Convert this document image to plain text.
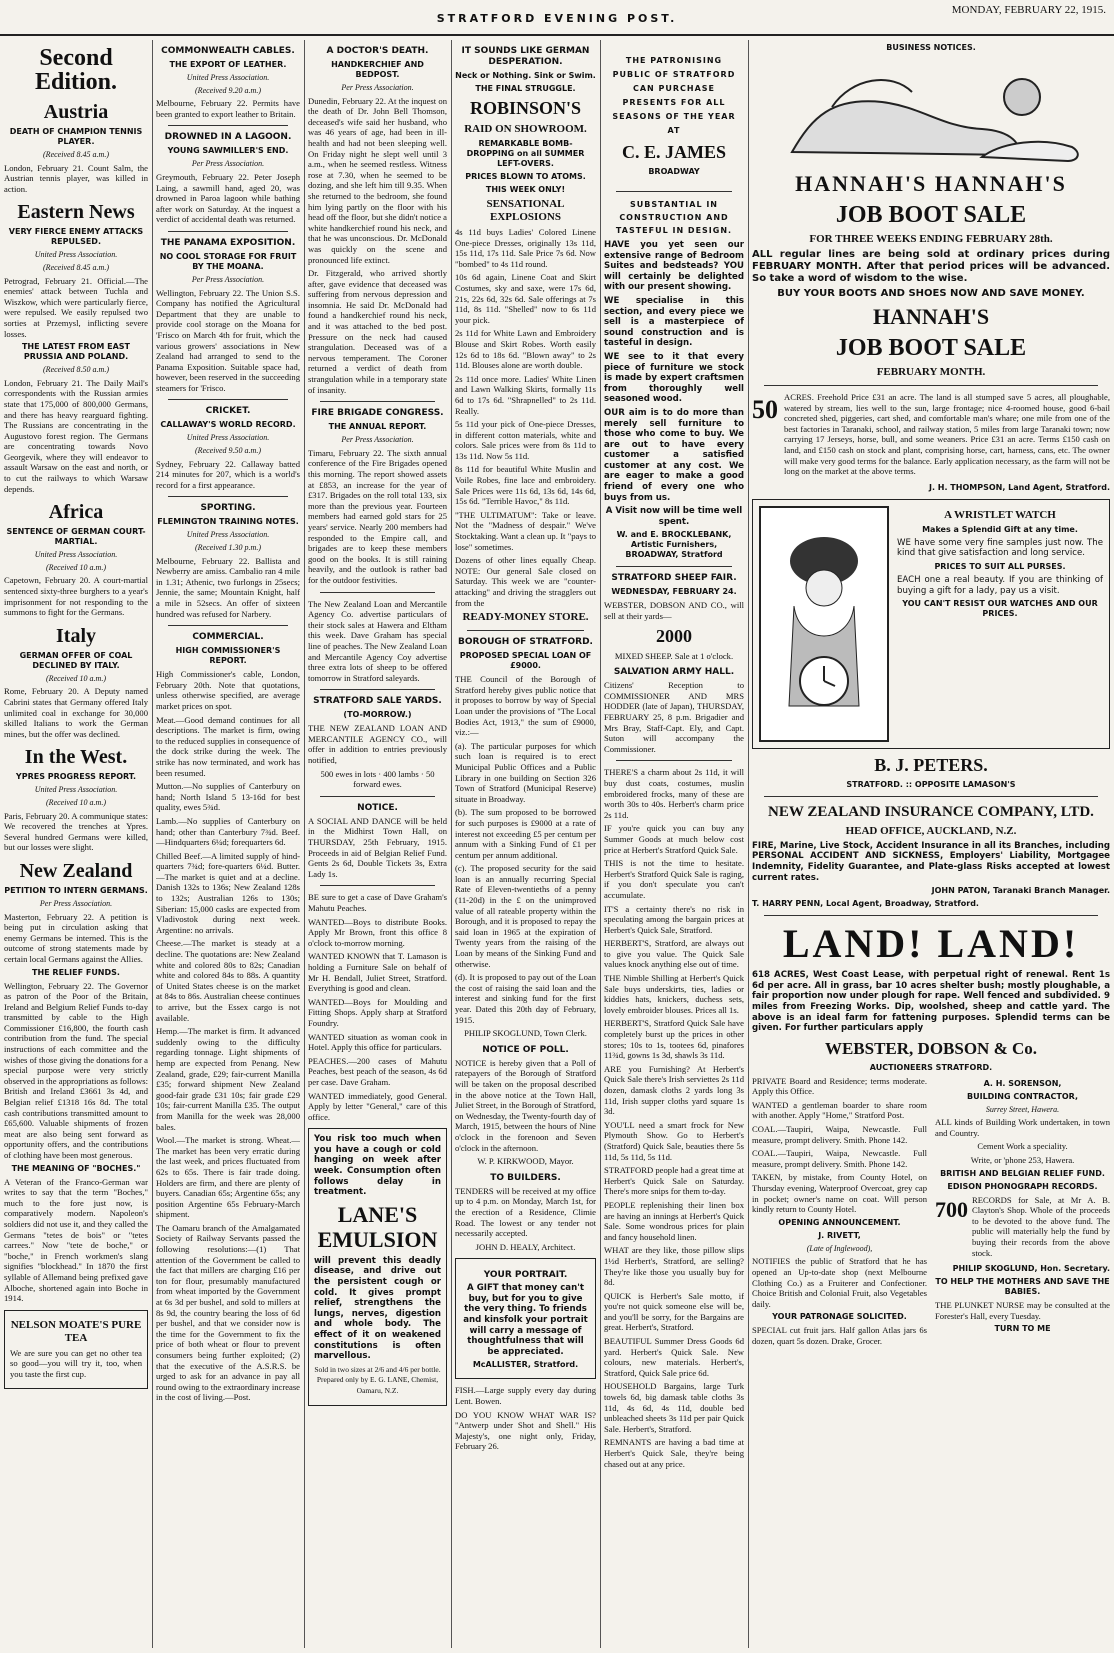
STRATFORD EVENING POST.
MONDAY, FEBRUARY 22, 1915.
Second Edition.
Austria
DEATH OF CHAMPION TENNIS PLAYER.
(Received 8.45 a.m.)

London, February 21. Count Salm, the Austrian tennis player, was killed in action.

Eastern News
VERY FIERCE ENEMY ATTACKS REPULSED.
United Press Association.
(Received 8.45 a.m.)

Petrograd, February 21. Official.—The enemies' attack between Tuchla and Wiszkow, which were particularly fierce, were repulsed. We easily repulsed two sorties at Przemysl, inflicting severe losses.

THE LATEST FROM EAST PRUSSIA AND POLAND.
(Received 8.50 a.m.)

London, February 21. The Daily Mail's correspondents with the Russian armies state that 175,000 of 800,000 Germans, and there has heavy rearguard fighting. The Russians are concentrating in the Augustovo forest region. The Germans are concentrating towards Novo Georgevik, where they will endeavor to assault Warsaw on the east and north, or to cut the railways to which Warsaw depends.

Africa
SENTENCE OF GERMAN COURT-MARTIAL.
United Press Association.
(Received 10 a.m.)

Capetown, February 20. A court-martial sentenced sixty-three burghers to a year's imprisonment for not responding to the summons to fight for the Germans.

Italy
GERMAN OFFER OF COAL DECLINED BY ITALY.
(Received 10 a.m.)

Rome, February 20. A Deputy named Cabrini states that Germany offered Italy unlimited coal in exchange for 30,000 skilled Italians to work the German mines, but the offer was declined.

In the West.
YPRES PROGRESS REPORT.
United Press Association.
(Received 10 a.m.)

Paris, February 20. A communique states: We recovered the trenches at Ypres. Several hundred Germans were killed, but our losses were slight.

New Zealand
PETITION TO INTERN GERMANS.
Per Press Association.

Masterton, February 22. A petition is being put in circulation asking that enemy Germans be interned. This is the outcome of strong statements made by certain local Germans against the Allies.

THE RELIEF FUNDS.

Wellington, February 22. The Governor as patron of the Poor of the Britain, Ireland and Belgium Relief Funds to-day transmitted by cable to the High Commissioner £16,800, the fourth cash contribution from the fund. The special instructions of each committee and the wishes of those giving the donations for a special purpose were very strictly observed in the appropriations as follows: British and Ireland £3661 3s 4d, and Belgian relief £1318 16s 8d. The total cash contributions transmitted amount to £65,600. Valuable shipments of frozen meat are also being sent forward as opportunity offers, and the contributions of clothing have been most generous.

THE MEANING OF "BOCHES."

A Veteran of the Franco-German war writes to say that the term "Boches," much to the fore just now, is comparatively modern. Napoleon's soldiers did not use it, and they called the Germans "tetes de bois" or "tetes carrees." Now "tete de boche," or "boche," in French workmen's slang signifies "blockhead." In 1870 the first syllable of Allemand being prefixed gave Alboche, shortened again into Boche in 1914.

NELSON MOATE'S PURE TEA

We are sure you can get no other tea so good—you will try it, too, when you taste the first cup.

COMMONWEALTH CABLES.
THE EXPORT OF LEATHER.
United Press Association.
(Received 9.20 a.m.)

Melbourne, February 22. Permits have been granted to export leather to Britain.

DROWNED IN A LAGOON.
YOUNG SAWMILLER'S END.
Per Press Association.

Greymouth, February 22. Peter Joseph Laing, a sawmill hand, aged 20, was drowned in Paroa lagoon while bathing after work on Saturday. At the inquest a verdict of accidental death was returned.

THE PANAMA EXPOSITION.
NO COOL STORAGE FOR FRUIT BY THE MOANA.
Per Press Association.

Wellington, February 22. The Union S.S. Company has notified the Agricultural Department that they are unable to provide cool storage on the Moana for 'Frisco on March 4th for fruit, which the various growers' associations in New Zealand had arranged to send to the Panama Exposition. Suitable space had, however, been reserved in the succeeding steamers for 'Frisco.

CRICKET.
CALLAWAY'S WORLD RECORD.
United Press Association.
(Received 9.50 a.m.)

Sydney, February 22. Callaway batted 214 minutes for 207, which is a world's record for a first appearance.

SPORTING.
FLEMINGTON TRAINING NOTES.
United Press Association.
(Received 1.30 p.m.)

Melbourne, February 22. Ballista and Newberry are amiss. Cambalio ran 4 mile in 1.31; Athenic, two furlongs in 25secs; Jennie, the same; Mountain Knight, half a mile in 52secs. An offer of sixteen hundred was refused for Narbery.

COMMERCIAL.
HIGH COMMISSIONER'S REPORT.

High Commissioner's cable, London, February 20th. Note that quotations, unless otherwise specified, are average market prices on spot.

Meat.—Good demand continues for all descriptions. The market is firm, owing to the reduced supplies in consequence of the dock strike during the week. The strike has now terminated, and work has been resumed.

Mutton.—No supplies of Canterbury on hand; North Island 5 13-16d for best quality, ewes 5¾d.

Lamb.—No supplies of Canterbury on hand; other than Canterbury 7¾d. Beef.—Hindquarters 6¼d; forequarters 6d.

Chilled Beef.—A limited supply of hind-quarters 7¾d; fore-quarters 6¼d. Butter.—The market is quiet and at a decline. Danish 132s to 136s; New Zealand 128s to 132s; Australian 126s to 130s; Siberian: 15,000 casks are expected from Vladivostok during next week. Argentine: no arrivals.

Cheese.—The market is steady at a decline. The quotations are: New Zealand white and colored 80s to 82s; Canadian white and colored 84s to 88s. A quantity of United States cheese is on the market at 84s to 86s. Australian cheese continues to arrive, but the Essex cargo is not available.

Hemp.—The market is firm. It advanced suddenly owing to the difficulty regarding tonnage. Light shipments of hemp are expected from Penang. New Zealand, grade, £29; fair-current Manilla £35; forward shipment New Zealand good-fair grade £31 10s; fair grade £29 10s; fair-current Manilla £35. The output from Manilla for the week was 28,000 bales.

Wool.—The market is strong. Wheat.—The market has been very erratic during the last week, and prices fluctuated from 62s to 65s. There is fair trade doing. Holders are firm, and there are plenty of buyers. Canadian 65s; Argentine 65s; any position Argentine 65s February-March shipment.

The Oamaru branch of the Amalgamated Society of Railway Servants passed the following resolutions:—(1) That attention of the Government be called to the fact that millers are charging £16 per ton for flour, presumably manufactured from wheat imported by the Government at 6s 3d per bushel, and sold to millers at 8s 9d, the country bearing the loss of 6d per bushel, and that we consider now is the time for the Government to fix the price of both wheat or flour to prevent consumers being further exploited; (2) that the executive of the A.S.R.S. be urged to ask for an advance in pay all round owing to the extraordinary increase in the cost of living.—Post.

A DOCTOR'S DEATH.
HANDKERCHIEF AND BEDPOST.
Per Press Association.

Dunedin, February 22. At the inquest on the death of Dr. John Bell Thomson, deceased's wife said her husband, who was 46 years of age, had been in ill-health and had not been sleeping well. On Friday night he slept well until 3 a.m., when he seemed restless. Witness rose at 7.30, when he seemed to be dozing, and she left him till 9.35. When she returned to the bedroom, she found him lying partly on the floor with his head off the floor, but she didn't notice a white handkerchief round his neck, and that he was unconscious. Dr. McDonald was quickly on the scene and pronounced life extinct.

Dr. Fitzgerald, who arrived shortly after, gave evidence that deceased was suffering from nervous depression and insomnia. He said Dr. McDonald had found a handkerchief round his neck, and it was attached to the bed post. Pressure on the neck had caused strangulation. Deceased was of a nervous temperament. The Coroner returned a verdict of death from strangulation while in a temporary state of insanity.

FIRE BRIGADE CONGRESS.
THE ANNUAL REPORT.
Per Press Association.

Timaru, February 22. The sixth annual conference of the Fire Brigades opened this morning. The report showed assets at £853, an increase for the year of £317. Brigades on the roll total 133, six more than the previous year. Fourteen members had earned gold stars for 25 years' service. Nearly 200 members had responded to the Empire call, and brigades are to keep these members good on the books. It is still raining heavily, and the outlook is rather bad for the outdoor festivities.

The New Zealand Loan and Mercantile Agency Co. advertise particulars of their stock sales at Hawera and Eltham this week. Dave Graham has special line of peaches. The New Zealand Loan and Mercantile Agency Coy advertise three extra lots of sheep to be offered tomorrow in Stratford saleyards.

STRATFORD SALE YARDS.
(TO-MORROW.)

THE NEW ZEALAND LOAN AND MERCANTILE AGENCY CO., will offer in addition to entries previously notified,

500 ewes in lots · 400 lambs · 50 forward ewes.

NOTICE.

A SOCIAL AND DANCE will be held in the Midhirst Town Hall, on THURSDAY, 25th February, 1915. Proceeds in aid of Belgian Relief Fund. Gents 2s 6d, Double Tickets 3s, Extra Lady 1s.

BE sure to get a case of Dave Graham's Mahutu Peaches.

WANTED—Boys to distribute Books. Apply Mr Brown, front this office 8 o'clock to-morrow morning.

WANTED KNOWN that T. Lamason is holding a Furniture Sale on behalf of Mr H. Bendall, Juliet Street, Stratford. Everything is good and clean.

WANTED—Boys for Moulding and Fitting Shops. Apply sharp at Stratford Foundry.

WANTED situation as woman cook in Hotel. Apply this office for particulars.

PEACHES.—200 cases of Mahutu Peaches, best peach of the season, 4s 6d per case. Dave Graham.

WANTED immediately, good General. Apply by letter "General," care of this office.

You risk too much when you have a cough or cold hanging on week after week. Consumption often follows delay in treatment.

LANE'S EMULSION

will prevent this deadly disease, and drive out the persistent cough or cold. It gives prompt relief, strengthens the lungs, nerves, digestion and whole body. The effect of it on weakened constitutions is often marvellous.

Sold in two sizes at 2/6 and 4/6 per bottle. Prepared only by E. G. LANE, Chemist, Oamaru, N.Z.

IT SOUNDS LIKE GERMAN DESPERATION.
Neck or Nothing. Sink or Swim.
THE FINAL STRUGGLE.
ROBINSON'S
RAID ON SHOWROOM.
REMARKABLE BOMB-DROPPING on all SUMMER LEFT-OVERS.
PRICES BLOWN TO ATOMS.
THIS WEEK ONLY!
SENSATIONAL EXPLOSIONS

4s 11d buys Ladies' Colored Linene One-piece Dresses, originally 13s 11d, 15s 11d, 17s 11d. Sale Price 7s 6d. Now "bombed" to 4s 11d round.

10s 6d again, Linene Coat and Skirt Costumes, sky and saxe, were 17s 6d, 21s, 22s 6d, 32s 6d. Sale offerings at 7s 11d, 8s 11d. "Shelled" now to 6s 11d your pick.

2s 11d for White Lawn and Embroidery Blouse and Skirt Robes. Worth easily 12s 6d to 18s 6d. "Blown away" to 2s 11d. Blouses alone are worth double.

2s 11d once more. Ladies' White Linen and Lawn Walking Skirts, formally 11s 6d to 17s 6d. "Shrapnelled" to 2s 11d. Really.

5s 11d your pick of One-piece Dresses, in different cotton materials, white and colors. Sale prices were from 8s 11d to 13s 11d. Now 5s 11d.

8s 11d for beautiful White Muslin and Voile Robes, fine lace and embroidery. Sale Prices were 11s 6d, 13s 6d, 14s 6d, 15s 6d. "Terrible Havoc," 8s 11d.

"THE ULTIMATUM": Take or leave. Not the "Madness of despair." We've Stocktaking. Want a clean up. It "pays to lose" sometimes.

Dozens of other lines equally Cheap. NOTE: Our general Sale closed on Saturday. This week we are "counter-attacking" and driving the stragglers out from the

READY-MONEY STORE.
BOROUGH OF STRATFORD.
PROPOSED SPECIAL LOAN OF £9000.

THE Council of the Borough of Stratford hereby gives public notice that it proposes to borrow by way of Special Loan under the provisions of "The Local Bodies Act, 1913," the sum of £9000, viz.:—

(a). The particular purposes for which such loan is required is to erect Municipal Public Offices and a Public Library in one building on Section 326 Town of Stratford (Municipal Reserve) situate in Broadway.

(b). The sum proposed to be borrowed for such purposes is £9000 at a rate of interest not exceeding £5 per centum per annum with a Sinking Fund of £1 per centum per annum additional.

(c). The proposed security for the said loan is an annually recurring Special Rate of Eleven-twentieths of a penny (11-20d) in the £ on the unimproved value of all rateable property within the Borough, and it is proposed to repay the said loan in 1965 at the expiration of Twenty years from the raising of the Loan by means of the Sinking Fund and otherwise.

(d). It is proposed to pay out of the Loan the cost of raising the said loan and the interest and sinking fund for the first year. Dated this 20th day of February, 1915.

PHILIP SKOGLUND, Town Clerk.

NOTICE OF POLL.

NOTICE is hereby given that a Poll of ratepayers of the Borough of Stratford will be taken on the proposal described in the above notice at the Town Hall, Juliet Street, in the Borough of Stratford, on Wednesday, the Twenty-fourth day of March, 1915, between the hours of Nine o'clock in the forenoon and Seven o'clock in the afternoon.

W. P. KIRKWOOD, Mayor.

TO BUILDERS.

TENDERS will be received at my office up to 4 p.m. on Monday, March 1st, for the erection of a Residence, Climie Road. The lowest or any tender not necessarily accepted.

JOHN D. HEALY, Architect.

YOUR PORTRAIT.

A GIFT that money can't buy, but for you to give the very thing. To friends and kinsfolk your portrait will carry a message of thoughtfulness that will be appreciated.

McALLISTER, Stratford.

FISH.—Large supply every day during Lent. Bowen.

DO YOU KNOW WHAT WAR IS? "Antwerp under Shot and Shell." His Majesty's, one night only, Friday, February 26.

THE PATRONISING PUBLIC OF STRATFORD CAN PURCHASE PRESENTS FOR ALL SEASONS OF THE YEAR AT
C. E. JAMES
BROADWAY
SUBSTANTIAL IN CONSTRUCTION AND TASTEFUL IN DESIGN.

HAVE you yet seen our extensive range of Bedroom Suites and bedsteads? YOU will certainly be delighted with our present showing.

WE specialise in this section, and every piece we sell is a masterpiece of sound construction and is tasteful in design.

WE see to it that every piece of furniture we stock is made by expert craftsmen from thoroughly well seasoned wood.

OUR aim is to do more than merely sell furniture to those who come to buy. We are out to have every customer a satisfied customer at any cost. We are eager to make a good friend of every one who buys from us.

A Visit now will be time well spent.

W. and E. BROCKLEBANK, Artistic Furnishers, BROADWAY, Stratford
STRATFORD SHEEP FAIR.
WEDNESDAY, FEBRUARY 24.

WEBSTER, DOBSON AND CO., will sell at their yards—

2000

MIXED SHEEP. Sale at 1 o'clock.

SALVATION ARMY HALL.

Citizens' Reception to COMMISSIONER AND MRS HODDER (late of Japan), THURSDAY, FEBRUARY 25, 8 p.m. Brigadier and Mrs Bray, Staff-Capt. Ely, and Capt. Suton will accompany the Commissioner.

THERE'S a charm about 2s 11d, it will buy dust coats, costumes, muslin embroidered frocks, many of these are worth 30s to 40s. Herbert's charm price 2s 11d.

IF you're quick you can buy any Summer Goods at much below cost price at Herbert's Stratford Quick Sale.

THIS is not the time to hesitate. Herbert's Stratford Quick Sale is raging, if you don't speculate you can't accumulate.

IT'S a certainty there's no risk in speculating among the bargain prices at Herbert's Quick Sale, Stratford.

HERBERT'S, Stratford, are always out to give you value. The Quick Sale values knock anything else out of time.

THE Nimble Shilling at Herbert's Quick Sale buys underskirts, ties, ladies or kiddies hats, knickers, duchess sets, lovely embroider blouses. Prices all 1s.

HERBERT'S, Stratford Quick Sale have completely burst up the prices in other stores; 10s to 1s, tootees 6d, pinafores 11¾d, gowns 1s 3d, shawls 3s 11d.

ARE you Furnishing? At Herbert's Quick Sale there's Irish serviettes 2s 11d dozen, damask cloths 2 yards long 3s 11d, Irish supper cloths yard square 1s 3d.

YOU'LL need a smart frock for New Plymouth Show. Go to Herbert's (Stratford) Quick Sale, beauties there 5s 11d, 5s 11d, 5s 11d.

STRATFORD people had a great time at Herbert's Quick Sale on Saturday. There's more snips for them to-day.

PEOPLE replenishing their linen box are having an innings at Herbert's Quick Sale. Some wondrous prices for plain and fancy household linen.

WHAT are they like, those pillow slips 1½d Herbert's, Stratford, are selling? They're like those you usually buy for 8d.

QUICK is Herbert's Sale motto, if you're not quick someone else will be, and you'll be sorry, for the Bargains are great. Herbert's, Stratford.

BEAUTIFUL Summer Dress Goods 6d yard. Herbert's Quick Sale. New colours, new materials. Herbert's, Stratford, Quick Sale price 6d.

HOUSEHOLD Bargains, large Turk towels 6d, big damask table cloths 3s 11d, 4s 6d, 4s 11d, double bed unbleached sheets 3s 11d per pair Quick Sale. Herbert's, Stratford.

REMNANTS are having a bad time at Herbert's Quick Sale, they're being chased out at any price.

BUSINESS NOTICES.
HANNAH'S HANNAH'S
JOB BOOT SALE
FOR THREE WEEKS ENDING FEBRUARY 28th.

ALL regular lines are being sold at ordinary prices during FEBRUARY MONTH. After that period prices will be advanced. So take a word of wisdom to the wise.

BUY YOUR BOOTS AND SHOES NOW AND SAVE MONEY.
HANNAH'S
JOB BOOT SALE
FEBRUARY MONTH.
50 ACRES. Freehold Price £31 an acre. The land is all stumped save 5 acres, all ploughable, watered by stream, lies well to the sun, large frontage; nice 4-roomed house, good 6-bail concreted shed, piggeries, cart shed, and comfortable man's whare; one mile from one of the best factories in Taranaki, school, and railway station, 5 miles from large Taranaki town; now carrying 17 Jerseys, horse, bull, and some weaners. Price £31 an acre. Terms £150 cash on land, and £150 cash on stock and plant, comprising horse, cart, harness, cans, etc. The owner will make very good terms for the balance. Early application necessary, as the farm will not be long on the market at the above terms.

J. H. THOMPSON, Land Agent, Stratford.
A WRISTLET WATCH
Makes a Splendid Gift at any time.

WE have some very fine samples just now. The kind that give satisfaction and long service.

PRICES TO SUIT ALL PURSES.

EACH one a real beauty. If you are thinking of buying a gift for a lady, pay us a visit.

YOU CAN'T RESIST OUR WATCHES AND OUR PRICES.
B. J. PETERS.
STRATFORD. :: OPPOSITE LAMASON'S
NEW ZEALAND INSURANCE COMPANY, LTD.
HEAD OFFICE, AUCKLAND, N.Z.

FIRE, Marine, Live Stock, Accident Insurance in all its Branches, including PERSONAL ACCIDENT AND SICKNESS, Employers' Liability, Mortgagee Indemnity, Fidelity Guarantee, and Plate-glass Risks accepted at lowest current rates.

JOHN PATON, Taranaki Branch Manager.
T. HARRY PENN, Local Agent, Broadway, Stratford.
LAND! LAND!

618 ACRES, West Coast Lease, with perpetual right of renewal. Rent 1s 6d per acre. All in grass, bar 10 acres shelter bush; mostly ploughable, a fair proportion now under plough for rape. Well fenced and subdivided. 9 miles from Freezing Works. Dip, woolshed, sheep and cattle yard. The above is an ideal farm for fattening purposes. Splendid terms can be given. For further particulars apply

WEBSTER, DOBSON & Co.
AUCTIONEERS STRATFORD.

PRIVATE Board and Residence; terms moderate. Apply this Office.

WANTED a gentleman boarder to share room with another. Apply "Home," Stratford Post.

COAL.—Taupiri, Waipa, Newcastle. Full measure, prompt delivery. Smith. Phone 142.

COAL.—Taupiri, Waipa, Newcastle. Full measure, prompt delivery. Smith. Phone 142.

TAKEN, by mistake, from County Hotel, on Thursday evening, Waterproof Overcoat, grey cap in pocket; owner's name on coat. Will person kindly return to County Hotel.

OPENING ANNOUNCEMENT.
J. RIVETT,
(Late of Inglewood),

NOTIFIES the public of Stratford that he has opened an Up-to-date shop (next Melbourne Clothing Co.) as a Fruiterer and Confectioner. Choice British and Colonial Fruit, also Vegetables daily.

YOUR PATRONAGE SOLICITED.

SPECIAL cut fruit jars. Half gallon Atlas jars 6s dozen, quart 5s dozen. Drake, Grocer.

A. H. SORENSON,
BUILDING CONTRACTOR,
Surrey Street, Hawera.

ALL kinds of Building Work undertaken, in town and Country.

Cement Work a speciality.

Write, or 'phone 253, Hawera.

BRITISH AND BELGIAN RELIEF FUND.
EDISON PHONOGRAPH RECORDS.
700 RECORDS for Sale, at Mr A. B. Clayton's Shop. Whole of the proceeds to be devoted to the above fund. The public will materially help the fund by buying their records from the above stock.

PHILIP SKOGLUND, Hon. Secretary.
TO HELP THE MOTHERS AND SAVE THE BABIES.

THE PLUNKET NURSE may be consulted at the Forester's Hall, every Tuesday.

TURN TO ME
